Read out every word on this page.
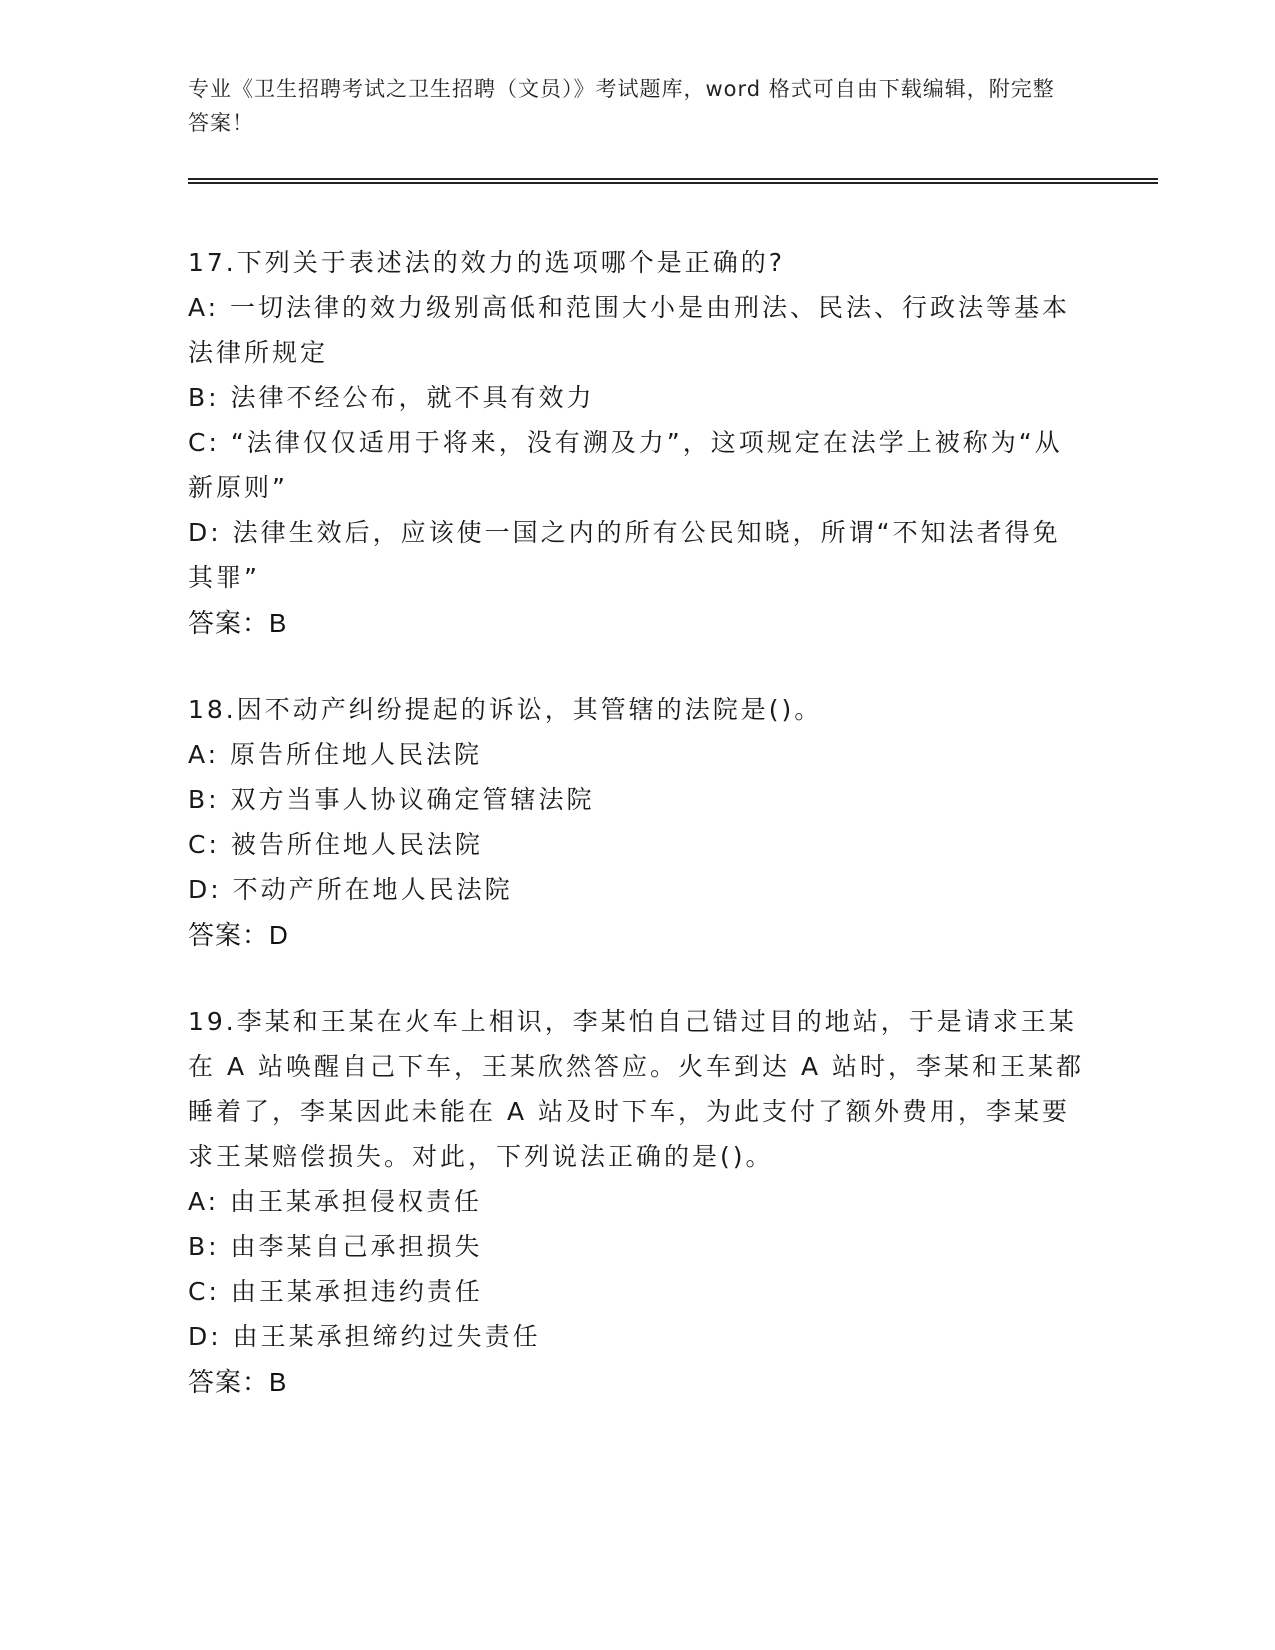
专业《卫生招聘考试之卫生招聘（文员）》考试题库，word 格式可自由下载编辑，附完整答案！
17.下列关于表述法的效力的选项哪个是正确的?
A: 一切法律的效力级别高低和范围大小是由刑法、民法、行政法等基本法律所规定
B: 法律不经公布，就不具有效力
C: “法律仅仅适用于将来，没有溯及力”，这项规定在法学上被称为“从新原则”
D: 法律生效后，应该使一国之内的所有公民知晓，所谓“不知法者得免其罪”
答案：B
18.因不动产纠纷提起的诉讼，其管辖的法院是()。
A: 原告所住地人民法院
B: 双方当事人协议确定管辖法院
C: 被告所住地人民法院
D: 不动产所在地人民法院
答案：D
19.李某和王某在火车上相识，李某怕自己错过目的地站，于是请求王某在 A 站唤醒自己下车，王某欣然答应。火车到达 A 站时，李某和王某都睡着了，李某因此未能在 A 站及时下车，为此支付了额外费用，李某要求王某赔偿损失。对此，下列说法正确的是()。
A: 由王某承担侵权责任
B: 由李某自己承担损失
C: 由王某承担违约责任
D: 由王某承担缔约过失责任
答案：B
